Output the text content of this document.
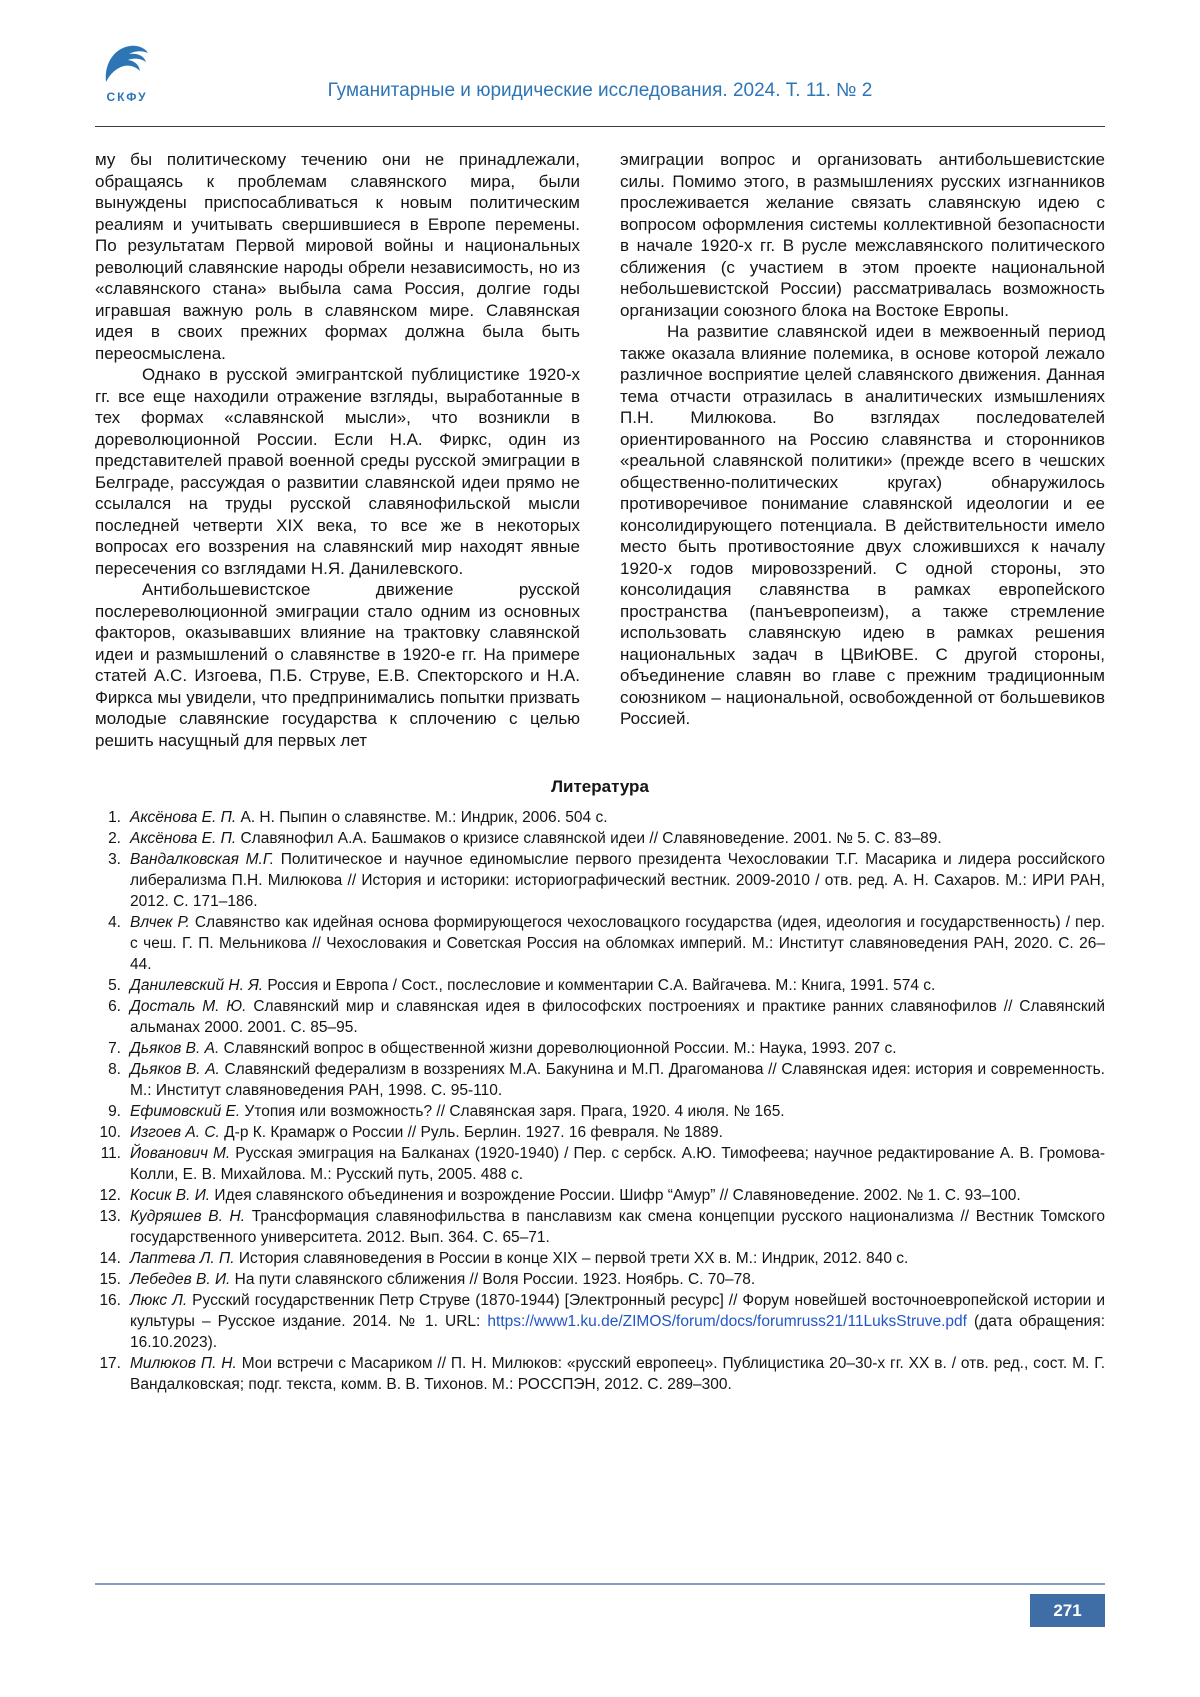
СКФУ	Гуманитарные и юридические исследования. 2024. Т. 11. № 2

му бы политическому течению они не принадлежали, обращаясь к проблемам славянского мира, были вынуждены приспосабливаться к новым политическим реалиям и учитывать свершившиеся в Европе перемены. По результатам Первой мировой войны и национальных революций славянские народы обрели независимость, но из «славянского стана» выбыла сама Россия, долгие годы игравшая важную роль в славянском мире. Славянская идея в своих прежних формах должна была быть переосмыслена.

Однако в русской эмигрантской публицистике 1920-х гг. все еще находили отражение взгляды, выработанные в тех формах «славянской мысли», что возникли в дореволюционной России. Если Н.А. Фиркс, один из представителей правой военной среды русской эмиграции в Белграде, рассуждая о развитии славянской идеи прямо не ссылался на труды русской славянофильской мысли последней четверти XIX века, то все же в некоторых вопросах его воззрения на славянский мир находят явные пересечения со взглядами Н.Я. Данилевского.

Антибольшевистское движение русской послереволюционной эмиграции стало одним из основных факторов, оказывавших влияние на трактовку славянской идеи и размышлений о славянстве в 1920-е гг. На примере статей А.С. Изгоева, П.Б. Струве, Е.В. Спекторского и Н.А. Фиркса мы увидели, что предпринимались попытки призвать молодые славянские государства к сплочению с целью решить насущный для первых лет

эмиграции вопрос и организовать антибольшевистские силы. Помимо этого, в размышлениях русских изгнанников прослеживается желание связать славянскую идею с вопросом оформления системы коллективной безопасности в начале 1920-х гг. В русле межславянского политического сближения (с участием в этом проекте национальной небольшевистской России) рассматривалась возможность организации союзного блока на Востоке Европы.

На развитие славянской идеи в межвоенный период также оказала влияние полемика, в основе которой лежало различное восприятие целей славянского движения. Данная тема отчасти отразилась в аналитических измышлениях П.Н. Милюкова. Во взглядах последователей ориентированного на Россию славянства и сторонников «реальной славянской политики» (прежде всего в чешских общественно-политических кругах) обнаружилось противоречивое понимание славянской идеологии и ее консолидирующего потенциала. В действительности имело место быть противостояние двух сложившихся к началу 1920-х годов мировоззрений. С одной стороны, это консолидация славянства в рамках европейского пространства (панъевропеизм), а также стремление использовать славянскую идею в рамках решения национальных задач в ЦВиЮВЕ. С другой стороны, объединение славян во главе с прежним традиционным союзником – национальной, освобожденной от большевиков Россией.

Литература
1. Аксёнова Е. П. А. Н. Пыпин о славянстве. М.: Индрик, 2006. 504 с.
2. Аксёнова Е. П. Славянофил А.А. Башмаков о кризисе славянской идеи // Славяноведение. 2001. № 5. С. 83–89.
3. Вандалковская М.Г. Политическое и научное единомыслие первого президента Чехословакии Т.Г. Масарика и лидера российского либерализма П.Н. Милюкова // История и историки: историографический вестник. 2009-2010 / отв. ред. А. Н. Сахаров. М.: ИРИ РАН, 2012. С. 171–186.
4. Влчек Р. Славянство как идейная основа формирующегося чехословацкого государства (идея, идеология и государственность) / пер. с чеш. Г. П. Мельникова // Чехословакия и Советская Россия на обломках империй. М.: Институт славяноведения РАН, 2020. С. 26–44.
5. Данилевский Н. Я. Россия и Европа / Сост., послесловие и комментарии С.А. Вайгачева. М.: Книга, 1991. 574 с.
6. Досталь М. Ю. Славянский мир и славянская идея в философских построениях и практике ранних славянофилов // Славянский альманах 2000. 2001. С. 85–95.
7. Дьяков В. А. Славянский вопрос в общественной жизни дореволюционной России. М.: Наука, 1993. 207 с.
8. Дьяков В. А. Славянский федерализм в воззрениях М.А. Бакунина и М.П. Драгоманова // Славянская идея: история и современность. М.: Институт славяноведения РАН, 1998. С. 95-110.
9. Ефимовский Е. Утопия или возможность? // Славянская заря. Прага, 1920. 4 июля. № 165.
10. Изгоев А. С. Д-р К. Крамарж о России // Руль. Берлин. 1927. 16 февраля. № 1889.
11. Йованович М. Русская эмиграция на Балканах (1920-1940) / Пер. с сербск. А.Ю. Тимофеева; научное редактирование А. В. Громова-Колли, Е. В. Михайлова. М.: Русский путь, 2005. 488 с.
12. Косик В. И. Идея славянского объединения и возрождение России. Шифр “Амур” // Славяноведение. 2002. № 1. С. 93–100.
13. Кудряшев В. Н. Трансформация славянофильства в панславизм как смена концепции русского национализма // Вестник Томского государственного университета. 2012. Вып. 364. С. 65–71.
14. Лаптева Л. П. История славяноведения в России в конце XIX – первой трети XX в. М.: Индрик, 2012. 840 с.
15. Лебедев В. И. На пути славянского сближения // Воля России. 1923. Ноябрь. С. 70–78.
16. Люкс Л. Русский государственник Петр Струве (1870-1944) [Электронный ресурс] // Форум новейшей восточноевропейской истории и культуры – Русское издание. 2014. № 1. URL: https://www1.ku.de/ZIMOS/forum/docs/forumruss21/11LuksStruve.pdf (дата обращения: 16.10.2023).
17. Милюков П. Н. Мои встречи с Масариком // П. Н. Милюков: «русский европеец». Публицистика 20–30-х гг. XX в. / отв. ред., сост. М. Г. Вандалковская; подг. текста, комм. В. В. Тихонов. М.: РОССПЭН, 2012. С. 289–300.
271
